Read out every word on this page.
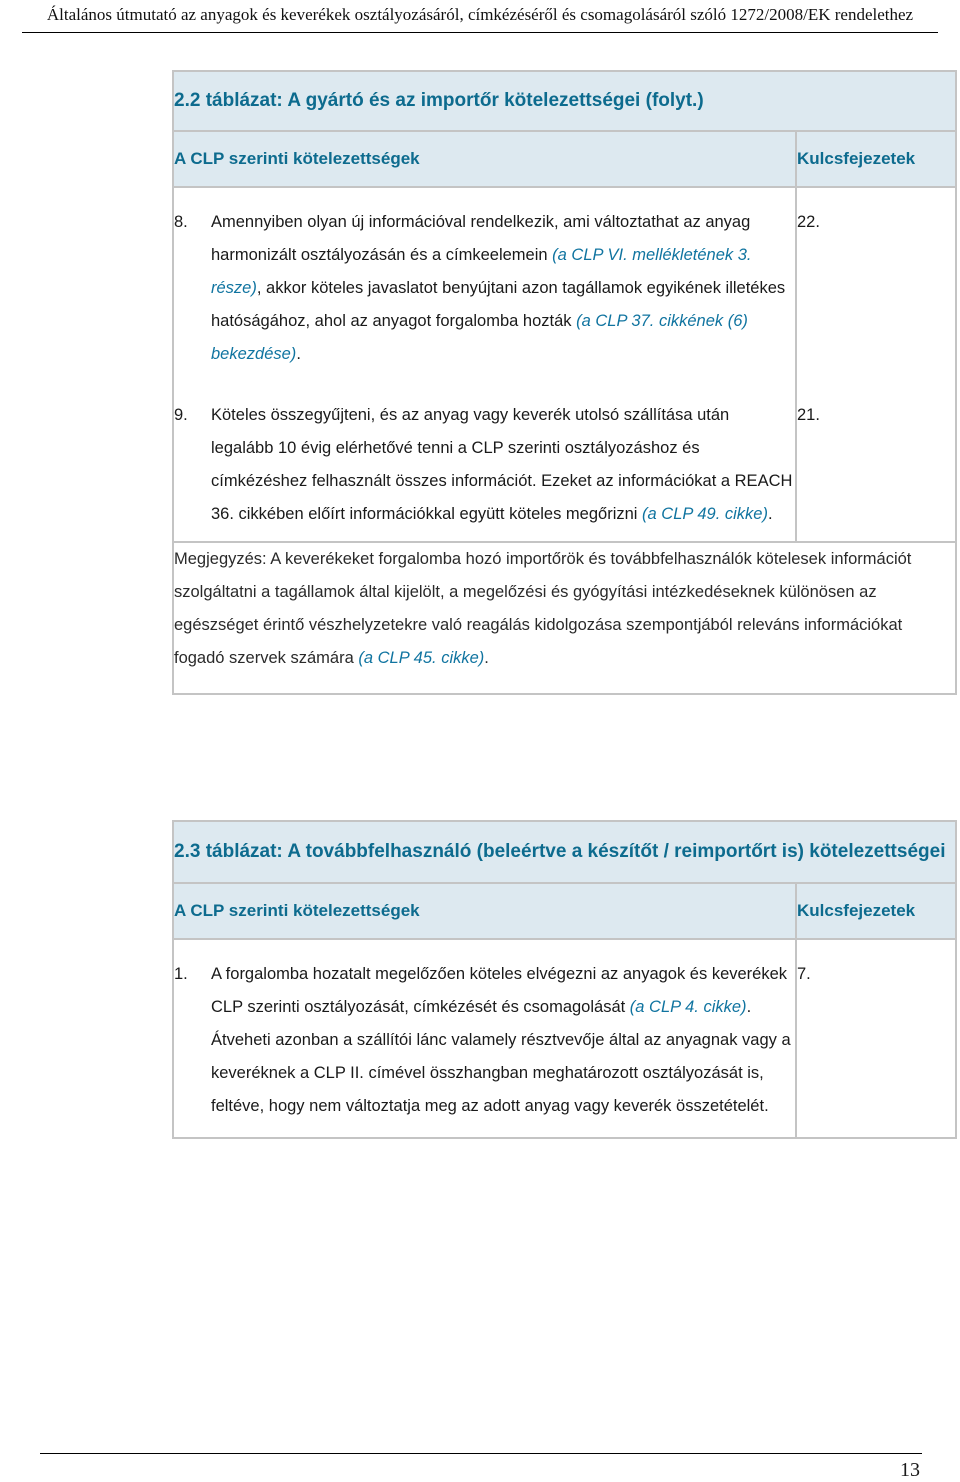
Általános útmutató az anyagok és keverékek osztályozásáról, címkézéséről és csomagolásáról szóló 1272/2008/EK rendelethez
2.2 táblázat: A gyártó és az importőr kötelezettségei (folyt.)	
A CLP szerinti kötelezettségek	Kulcsfejezetek

8. Amennyiben olyan új információval rendelkezik, ami változtathat az anyag harmonizált osztályozásán és a címkeelemein (a CLP VI. mellékletének 3. része), akkor köteles javaslatot benyújtani azon tagállamok egyikének illetékes hatóságához, ahol az anyagot forgalomba hozták (a CLP 37. cikkének (6) bekezdése).	22.

9. Köteles összegyűjteni, és az anyag vagy keverék utolsó szállítása után legalább 10 évig elérhetővé tenni a CLP szerinti osztályozáshoz és címkézéshez felhasznált összes információt. Ezeket az információkat a REACH 36. cikkében előírt információkkal együtt köteles megőrizni (a CLP 49. cikke).	21.
Megjegyzés: A keverékeket forgalomba hozó importőrök és továbbfelhasználók kötelesek információt szolgáltatni a tagállamok által kijelölt, a megelőzési és gyógyítási intézkedéseknek különösen az egészséget érintő vészhelyzetekre való reagálás kidolgozása szempontjából releváns információkat fogadó szervek számára (a CLP 45. cikke).	
2.3 táblázat: A továbbfelhasználó (beleértve a készítőt / reimportőrt is) kötelezettségei	
A CLP szerinti kötelezettségek	Kulcsfejezetek

1. A forgalomba hozatalt megelőzően köteles elvégezni az anyagok és keverékek CLP szerinti osztályozását, címkézését és csomagolását (a CLP 4. cikke). Átveheti azonban a szállítói lánc valamely résztvevője által az anyagnak vagy a keveréknek a CLP II. címével összhangban meghatározott osztályozását is, feltéve, hogy nem változtatja meg az adott anyag vagy keverék összetételét.	7.
13
